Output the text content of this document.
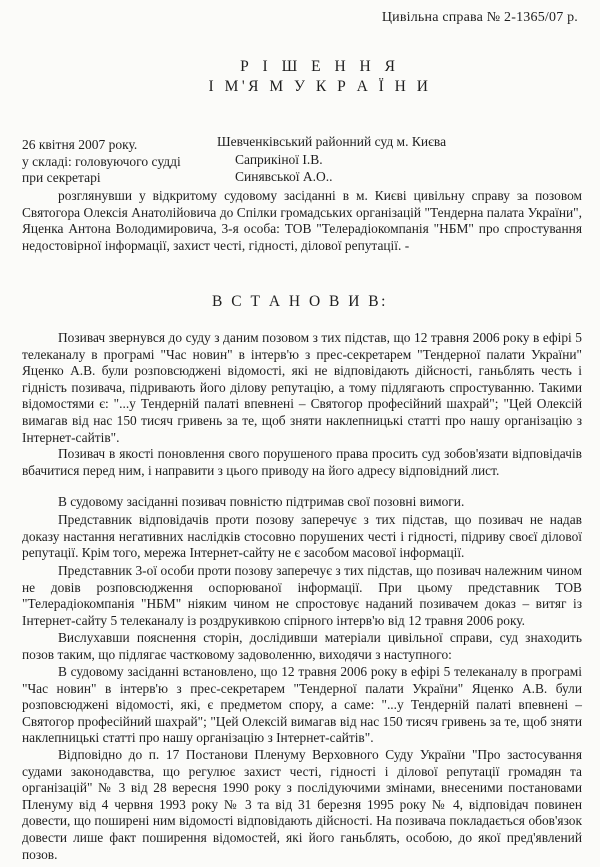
Цивільна справа № 2-1365/07 р.
Р І Ш Е Н Н Я
І М'Я М У К Р А Ї Н И
26 квітня 2007 року.
у складі: головуючого судді
при секретарі
Шевченківський районний суд м. Києва
Саприкіної І.В.
Синявської А.О..
розглянувши у відкритому судовому засіданні в м. Києві цивільну справу за позовом Святогора Олексія Анатолійовича до Спілки громадських організацій "Тендерна палата України", Яценка Антона Володимировича, 3-я особа: ТОВ "Телерадіокомпанія "НБМ" про спростування недостовірної інформації, захист честі, гідності, ділової репутації. -
В С Т А Н О В И В:
Позивач звернувся до суду з даним позовом з тих підстав, що 12 травня 2006 року в ефірі 5 телеканалу в програмі "Час новин" в інтерв'ю з прес-секретарем "Тендерної палати України" Яценко А.В. були розповсюджені відомості, які не відповідають дійсності, ганьблять честь і гідність позивача, підривають його ділову репутацію, а тому підлягають спростуванню. Такими відомостями є: "...у Тендерній палаті впевнені – Святогор професійний шахрай"; "Цей Олексій вимагав від нас 150 тисяч гривень за те, щоб зняти наклепницькі статті про нашу організацію з Інтернет-сайтів".
Позивач в якості поновлення свого порушеного права просить суд зобов'язати відповідачів вбачитися перед ним, і направити з цього приводу на його адресу відповідний лист.
В судовому засіданні позивач повністю підтримав свої позовні вимоги.
Представник відповідачів проти позову заперечує з тих підстав, що позивач не надав доказу настання негативних наслідків стосовно порушених честі і гідності, підриву своєї ділової репутації. Крім того, мережа Інтернет-сайту не є засобом масової інформації.
Представник 3-ої особи проти позову заперечує з тих підстав, що позивач належним чином не довів розповсюдження оспорюваної інформації. При цьому представник ТОВ "Телерадіокомпанія "НБМ" ніяким чином не спростовує наданий позивачем доказ – витяг із Інтернет-сайту 5 телеканалу із роздрукивкою спірного інтерв'ю від 12 травня 2006 року.
Вислухавши пояснення сторін, дослідивши матеріали цивільної справи, суд знаходить позов таким, що підлягає частковому задоволенню, виходячи з наступного:
В судовому засіданні встановлено, що 12 травня 2006 року в ефірі 5 телеканалу в програмі "Час новин" в інтерв'ю з прес-секретарем "Тендерної палати України" Яценко А.В. були розповсюджені відомості, які, є предметом спору, а саме: "...у Тендерній палаті впевнені – Святогор професійний шахрай"; "Цей Олексій вимагав від нас 150 тисяч гривень за те, щоб зняти наклепницькі статті про нашу організацію з Інтернет-сайтів".
Відповідно до п. 17 Постанови Пленуму Верховного Суду України "Про застосування судами законодавства, що регулює захист честі, гідності і ділової репутації громадян та організацій" № 3 від 28 вересня 1990 року з послідуючими змінами, внесеними постановами Пленуму від 4 червня 1993 року № 3 та від 31 березня 1995 року № 4, відповідач повинен довести, що поширені ним відомості відповідають дійсності. На позивача покладається обов'язок довести лише факт поширення відомостей, які його ганьблять, особою, до якої пред'явлений позов.
